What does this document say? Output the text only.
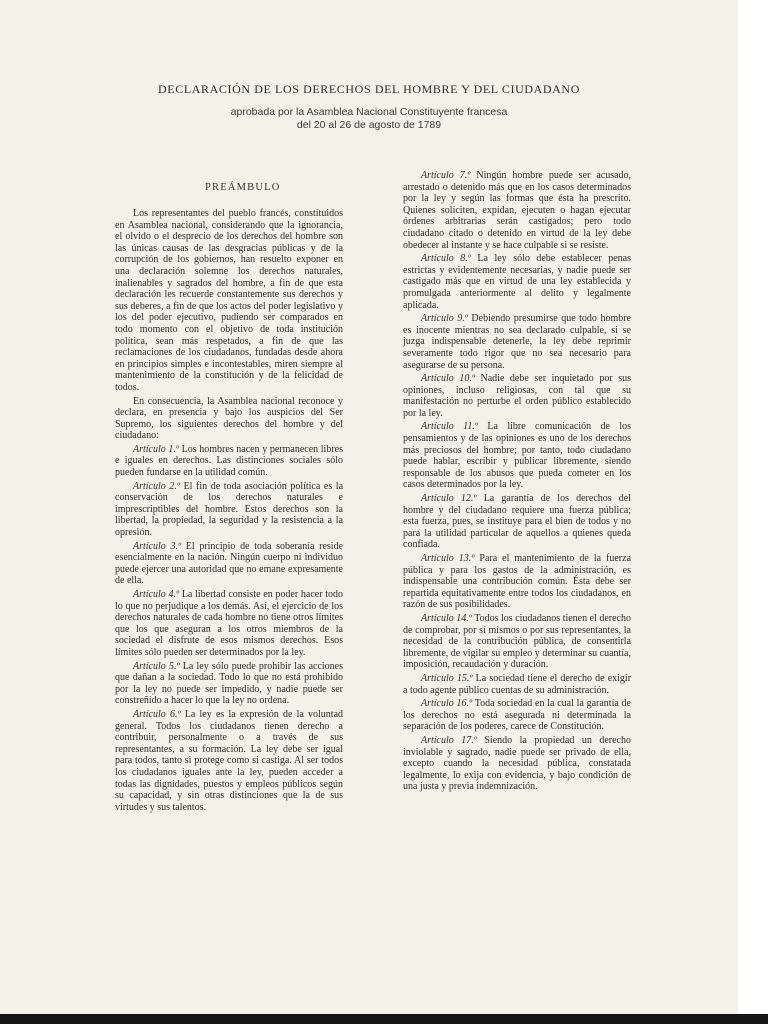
DECLARACIÓN DE LOS DERECHOS DEL HOMBRE Y DEL CIUDADANO
aprobada por la Asamblea Nacional Constituyente francesa
del 20 al 26 de agosto de 1789
PREÁMBULO

Los representantes del pueblo francés, constituidos en Asamblea nacional, considerando que la ignorancia, el olvido o el desprecio de los derechos del hombre son las únicas causas de las desgracias públicas y de la corrupción de los gobiernos, han resuelto exponer en una declaración solemne los derechos naturales, inalienables y sagrados del hombre, a fin de que esta declaración les recuerde constantemente sus derechos y sus deberes, a fin de que los actos del poder legislativo y los del poder ejecutivo, pudiendo ser comparados en todo momento con el objetivo de toda institución política, sean más respetados, a fin de que las reclamaciones de los ciudadanos, fundadas desde ahora en principios simples e incontestables, miren siempre al mantenimiento de la constitución y de la felicidad de todos.

En consecuencia, la Asamblea nacional reconoce y declara, en presencia y bajo los auspicios del Ser Supremo, los siguientes derechos del hombre y del ciudadano:

Artículo 1.º Los hombres nacen y permanecen libres e iguales en derechos. Las distinciones sociales sólo pueden fundarse en la utilidad común.

Artículo 2.º El fin de toda asociación política es la conservación de los derechos naturales e imprescriptibles del hombre. Estos derechos son la libertad, la propiedad, la seguridad y la resistencia a la opresión.

Artículo 3.º El principio de toda soberanía reside esencialmente en la nación. Ningún cuerpo ni individuo puede ejercer una autoridad que no emane expresamente de ella.

Artículo 4.º La libertad consiste en poder hacer todo lo que no perjudique a los demás. Así, el ejercicio de los derechos naturales de cada hombre no tiene otros límites que los que aseguran a los otros miembros de la sociedad el disfrute de esos mismos derechos. Esos límites sólo pueden ser determinados por la ley.

Artículo 5.º La ley sólo puede prohibir las acciones que dañan a la sociedad. Todo lo que no está prohibido por la ley no puede ser impedido, y nadie puede ser constreñido a hacer lo que la ley no ordena.

Artículo 6.º La ley es la expresión de la voluntad general. Todos los ciudadanos tienen derecho a contribuir, personalmente o a través de sus representantes, a su formación. La ley debe ser igual para todos, tanto si protege como si castiga. Al ser todos los ciudadanos iguales ante la ley, pueden acceder a todas las dignidades, puestos y empleos públicos según su capacidad, y sin otras distinciones que la de sus virtudes y sus talentos.

Artículo 7.º Ningún hombre puede ser acusado, arrestado o detenido más que en los casos determinados por la ley y según las formas que ésta ha prescrito. Quienes soliciten, expidan, ejecuten o hagan ejecutar órdenes arbitrarias serán castigados; pero todo ciudadano citado o detenido en virtud de la ley debe obedecer al instante y se hace culpable si se resiste.

Artículo 8.º La ley sólo debe establecer penas estrictas y evidentemente necesarias, y nadie puede ser castigado más que en virtud de una ley establecida y promulgada anteriormente al delito y legalmente aplicada.

Artículo 9.º Debiendo presumirse que todo hombre es inocente mientras no sea declarado culpable, si se juzga indispensable detenerle, la ley debe reprimir severamente todo rigor que no sea necesario para asegurarse de su persona.

Artículo 10.º Nadie debe ser inquietado por sus opiniones, incluso religiosas, con tal que su manifestación no perturbe el orden público establecido por la ley.

Artículo 11.º La libre comunicación de los pensamientos y de las opiniones es uno de los derechos más preciosos del hombre; por tanto, todo ciudadano puede hablar, escribir y publicar libremente, siendo responsable de los abusos que pueda cometer en los casos determinados por la ley.

Artículo 12.º La garantía de los derechos del hombre y del ciudadano requiere una fuerza pública; esta fuerza, pues, se instituye para el bien de todos y no para la utilidad particular de aquellos a quienes queda confiada.

Artículo 13.º Para el mantenimiento de la fuerza pública y para los gastos de la administración, es indispensable una contribución común. Ésta debe ser repartida equitativamente entre todos los ciudadanos, en razón de sus posibilidades.

Artículo 14.º Todos los ciudadanos tienen el derecho de comprobar, por sí mismos o por sus representantes, la necesidad de la contribución pública, de consentirla libremente, de vigilar su empleo y determinar su cuantía, imposición, recaudación y duración.

Artículo 15.º La sociedad tiene el derecho de exigir a todo agente público cuentas de su administración.

Artículo 16.º Toda sociedad en la cual la garantía de los derechos no está asegurada ni determinada la separación de los poderes, carece de Constitución.

Artículo 17.º Siendo la propiedad un derecho inviolable y sagrado, nadie puede ser privado de ella, excepto cuando la necesidad pública, constatada legalmente, lo exija con evidencia, y bajo condición de una justa y previa indemnización.
